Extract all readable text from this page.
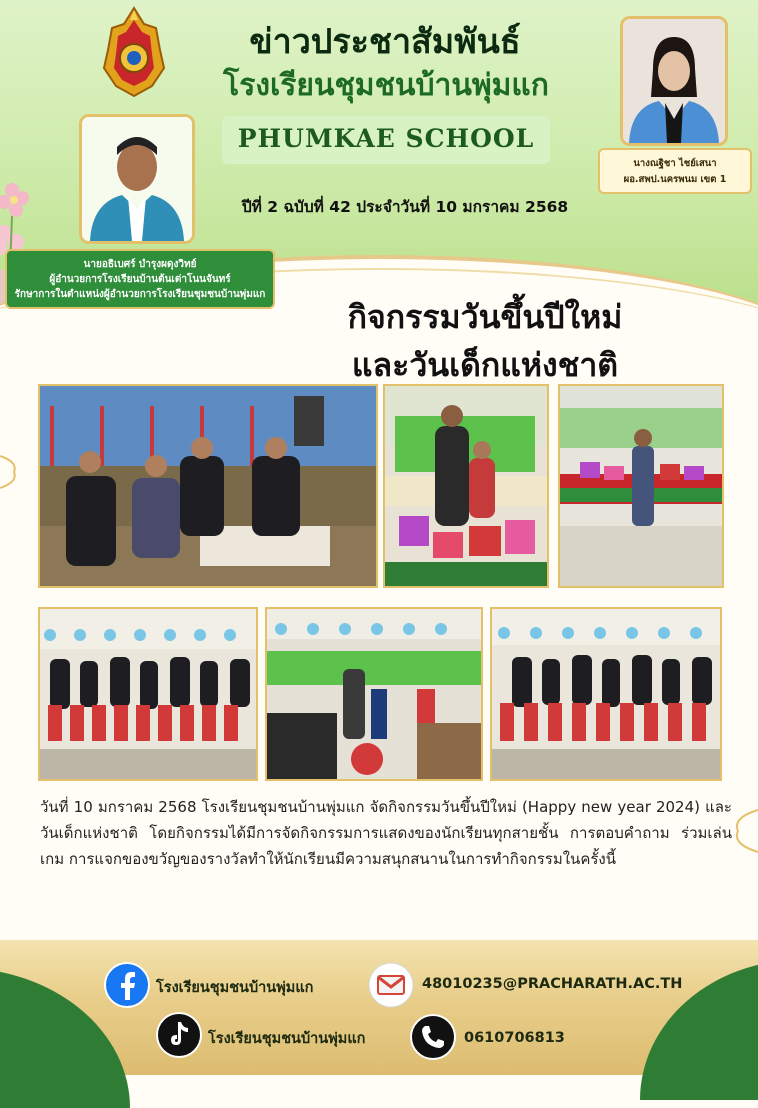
ข่าวประชาสัมพันธ์
โรงเรียนชุมชนบ้านพุ่มแก
PHUMKAE SCHOOL
ปีที่ 2 ฉบับที่ 42 ประจำวันที่ 10 มกราคม 2568
นายอธิเบศร์ บำรุงผดุงวิทย์
ผู้อำนวยการโรงเรียนบ้านต้นเต่าโนนจันทร์
รักษาการในตำแหน่งผู้อำนวยการโรงเรียนชุมชนบ้านพุ่มแก
นางณฐิชา ไชย์เสนา
ผอ.สพป.นครพนม เขต 1
กิจกรรมวันขึ้นปีใหม่
และวันเด็กแห่งชาติ
วันที่ 10 มกราคม 2568 โรงเรียนชุมชนบ้านพุ่มแก จัดกิจกรรมวันขึ้นปีใหม่ (Happy new year 2024) และวันเด็กแห่งชาติ โดยกิจกรรมได้มีการจัดกิจกรรมการแสดงของนักเรียนทุกสายชั้น การตอบคำถาม ร่วมเล่นเกม การแจกของขวัญของรางวัลทำให้นักเรียนมีความสนุกสนานในการทำกิจกรรมในครั้งนี้
โรงเรียนชุมชนบ้านพุ่มแก	48010235@PRACHARATH.AC.TH
โรงเรียนชุมชนบ้านพุ่มแก	0610706813
